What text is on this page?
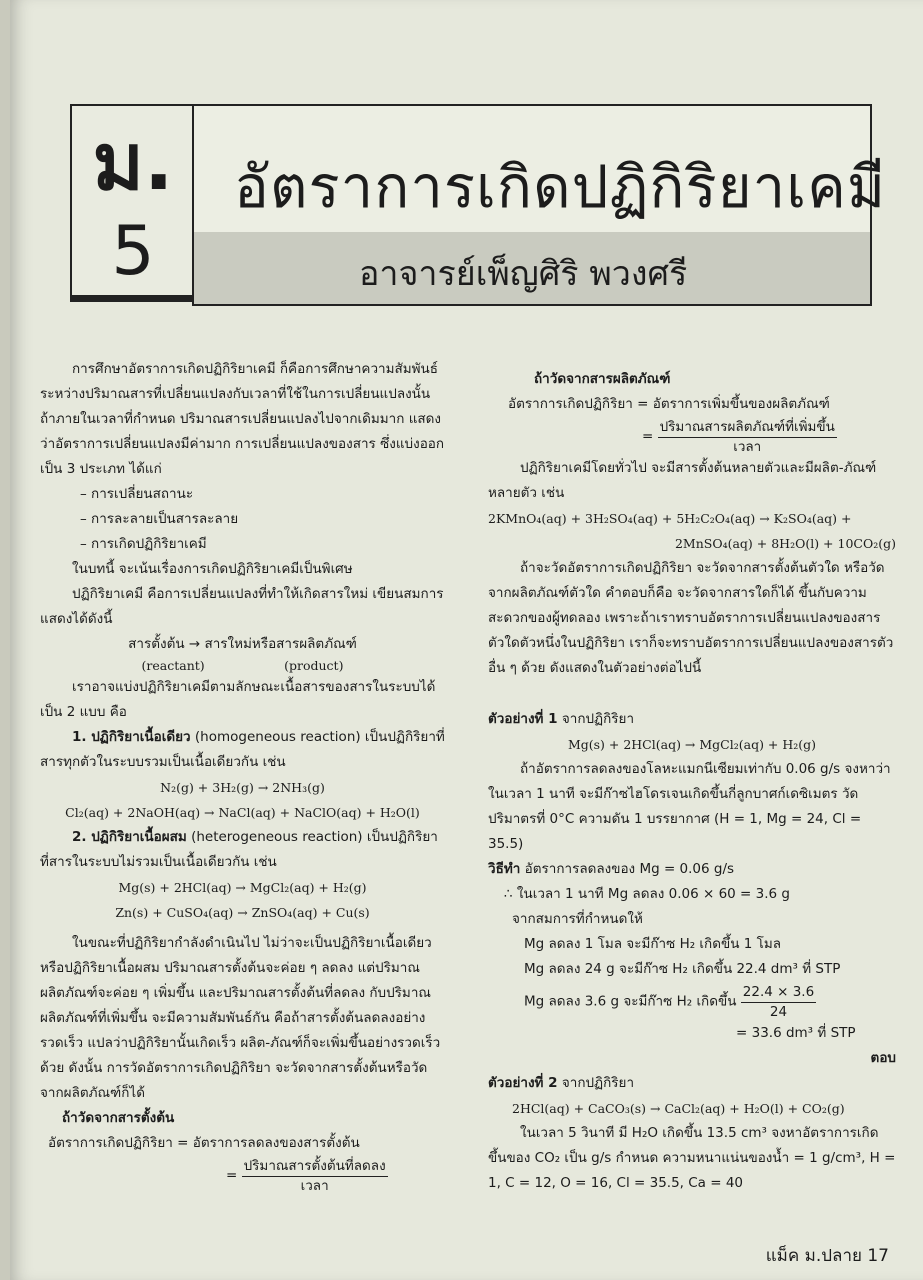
ม.
5
อัตราการเกิดปฏิกิริยาเคมี
อาจารย์เพ็ญศิริ พวงศรี

การศึกษาอัตราการเกิดปฏิกิริยาเคมี ก็คือการศึกษาความสัมพันธ์ระหว่างปริมาณสารที่เปลี่ยนแปลงกับเวลาที่ใช้ในการเปลี่ยนแปลงนั้น ถ้าภายในเวลาที่กำหนด ปริมาณสารเปลี่ยนแปลงไปจากเดิมมาก แสดงว่าอัตราการเปลี่ยนแปลงมีค่ามาก การเปลี่ยนแปลงของสาร ซึ่งแบ่งออกเป็น 3 ประเภท ได้แก่

– การเปลี่ยนสถานะ

– การละลายเป็นสารละลาย

– การเกิดปฏิกิริยาเคมี

ในบทนี้ จะเน้นเรื่องการเกิดปฏิกิริยาเคมีเป็นพิเศษ

ปฏิกิริยาเคมี คือการเปลี่ยนแปลงที่ทำให้เกิดสารใหม่ เขียนสมการแสดงได้ดังนี้

สารตั้งต้น → สารใหม่หรือสารผลิตภัณฑ์

(reactant)                    (product)

เราอาจแบ่งปฏิกิริยาเคมีตามลักษณะเนื้อสารของสารในระบบได้เป็น 2 แบบ คือ

1. ปฏิกิริยาเนื้อเดียว (homogeneous reaction) เป็นปฏิกิริยาที่สารทุกตัวในระบบรวมเป็นเนื้อเดียวกัน เช่น

N₂(g) + 3H₂(g) → 2NH₃(g)

Cl₂(aq) + 2NaOH(aq) → NaCl(aq) + NaClO(aq) + H₂O(l)

2. ปฏิกิริยาเนื้อผสม (heterogeneous reaction) เป็นปฏิกิริยาที่สารในระบบไม่รวมเป็นเนื้อเดียวกัน เช่น

Mg(s) + 2HCl(aq) → MgCl₂(aq) + H₂(g)

Zn(s) + CuSO₄(aq) → ZnSO₄(aq) + Cu(s)

ในขณะที่ปฏิกิริยากำลังดำเนินไป ไม่ว่าจะเป็นปฏิกิริยาเนื้อเดียวหรือปฏิกิริยาเนื้อผสม ปริมาณสารตั้งต้นจะค่อย ๆ ลดลง แต่ปริมาณผลิตภัณฑ์จะค่อย ๆ เพิ่มขึ้น และปริมาณสารตั้งต้นที่ลดลง กับปริมาณผลิตภัณฑ์ที่เพิ่มขึ้น จะมีความสัมพันธ์กัน คือถ้าสารตั้งต้นลดลงอย่างรวดเร็ว แปลว่าปฏิกิริยานั้นเกิดเร็ว ผลิต-ภัณฑ์ก็จะเพิ่มขึ้นอย่างรวดเร็วด้วย ดังนั้น การวัดอัตราการเกิดปฏิกิริยา จะวัดจากสารตั้งต้นหรือวัดจากผลิตภัณฑ์ก็ได้

ถ้าวัดจากสารตั้งต้น

อัตราการเกิดปฏิกิริยา = อัตราการลดลงของสารตั้งต้น

= $\frac{\text{ปริมาณสารตั้งต้นที่ลดลง}}{\text{เวลา}}$

ถ้าวัดจากสารผลิตภัณฑ์

อัตราการเกิดปฏิกิริยา = อัตราการเพิ่มขึ้นของผลิตภัณฑ์

= $\frac{\text{ปริมาณสารผลิตภัณฑ์ที่เพิ่มขึ้น}}{\text{เวลา}}$

ปฏิกิริยาเคมีโดยทั่วไป จะมีสารตั้งต้นหลายตัวและมีผลิต-ภัณฑ์หลายตัว เช่น

2KMnO₄(aq) + 3H₂SO₄(aq) + 5H₂C₂O₄(aq) → K₂SO₄(aq) +

2MnSO₄(aq) + 8H₂O(l) + 10CO₂(g)

ถ้าจะวัดอัตราการเกิดปฏิกิริยา จะวัดจากสารตั้งต้นตัวใด หรือวัดจากผลิตภัณฑ์ตัวใด คำตอบก็คือ จะวัดจากสารใดก็ได้ ขึ้นกับความสะดวกของผู้ทดลอง เพราะถ้าเราทราบอัตราการเปลี่ยนแปลงของสารตัวใดตัวหนึ่งในปฏิกิริยา เราก็จะทราบอัตราการเปลี่ยนแปลงของสารตัวอื่น ๆ ด้วย ดังแสดงในตัวอย่างต่อไปนี้

ตัวอย่างที่ 1 จากปฏิกิริยา

Mg(s) + 2HCl(aq) → MgCl₂(aq) + H₂(g)

ถ้าอัตราการลดลงของโลหะแมกนีเซียมเท่ากับ 0.06 g/s จงหาว่าในเวลา 1 นาที จะมีก๊าซไฮโดรเจนเกิดขึ้นกี่ลูกบาศก์เดซิเมตร วัดปริมาตรที่ 0°C ความดัน 1 บรรยากาศ (H = 1, Mg = 24, Cl = 35.5)

วิธีทำ อัตราการลดลงของ Mg = 0.06 g/s

∴ ในเวลา 1 นาที Mg ลดลง 0.06 × 60 = 3.6 g

จากสมการที่กำหนดให้

Mg ลดลง 1 โมล จะมีก๊าซ H₂ เกิดขึ้น 1 โมล

Mg ลดลง 24 g จะมีก๊าซ H₂ เกิดขึ้น 22.4 dm³ ที่ STP

Mg ลดลง 3.6 g จะมีก๊าซ H₂ เกิดขึ้น $\frac{22.4 \times 3.6}{24}$

= 33.6 dm³ ที่ STP

ตอบ

ตัวอย่างที่ 2 จากปฏิกิริยา

2HCl(aq) + CaCO₃(s) → CaCl₂(aq) + H₂O(l) + CO₂(g)

ในเวลา 5 วินาที มี H₂O เกิดขึ้น 13.5 cm³ จงหาอัตราการเกิดขึ้นของ CO₂ เป็น g/s กำหนด ความหนาแน่นของน้ำ = 1 g/cm³, H = 1, C = 12, O = 16, Cl = 35.5, Ca = 40

แม็ค ม.ปลาย 17
